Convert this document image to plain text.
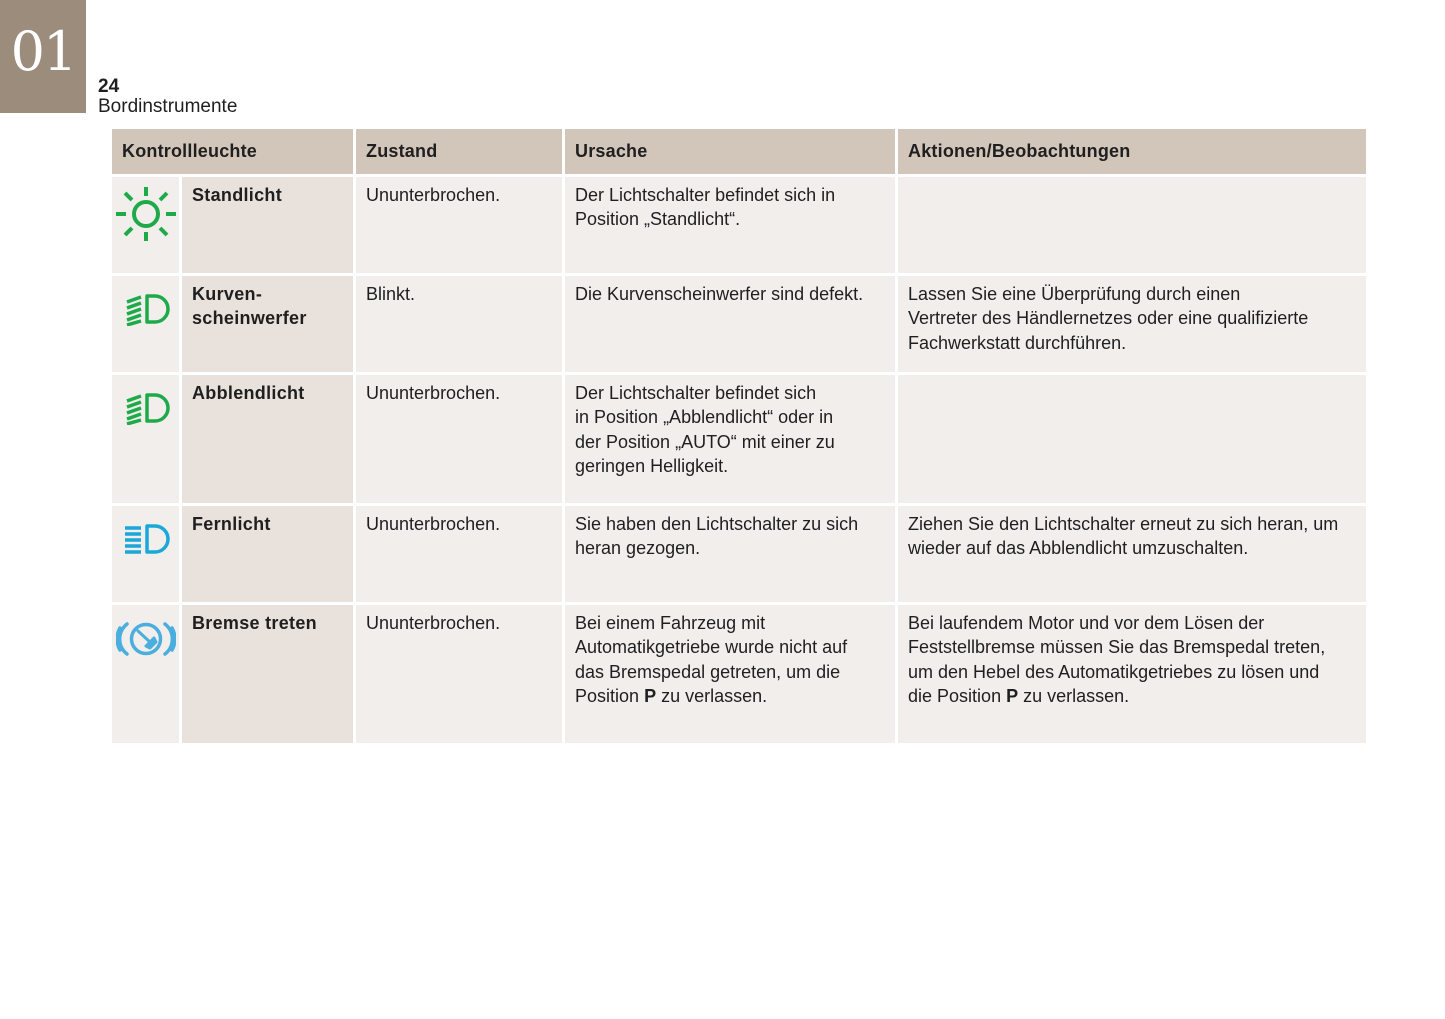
01
24
Bordinstrumente
Kontrollleuchte		Zustand	Ursache	Aktionen/Beobachtungen

	Standlicht	Ununterbrochen.	Der Lichtschalter befindet sich in
Position „Standlicht“.	

	Kurven-
scheinwerfer	Blinkt.	Die Kurvenscheinwerfer sind defekt.	Lassen Sie eine Überprüfung durch einen
Vertreter des Händlernetzes oder eine qualifizierte
Fachwerkstatt durchführen.

	Abblendlicht	Ununterbrochen.	Der Lichtschalter befindet sich
in Position „Abblendlicht“ oder in
der Position „AUTO“ mit einer zu
geringen Helligkeit.	

	Fernlicht	Ununterbrochen.	Sie haben den Lichtschalter zu sich
heran gezogen.	Ziehen Sie den Lichtschalter erneut zu sich heran, um
wieder auf das Abblendlicht umzuschalten.

	Bremse treten	Ununterbrochen.	Bei einem Fahrzeug mit
Automatikgetriebe wurde nicht auf
das Bremspedal getreten, um die
Position P zu verlassen.	Bei laufendem Motor und vor dem Lösen der
Feststellbremse müssen Sie das Bremspedal treten,
um den Hebel des Automatikgetriebes zu lösen und
die Position P zu verlassen.
